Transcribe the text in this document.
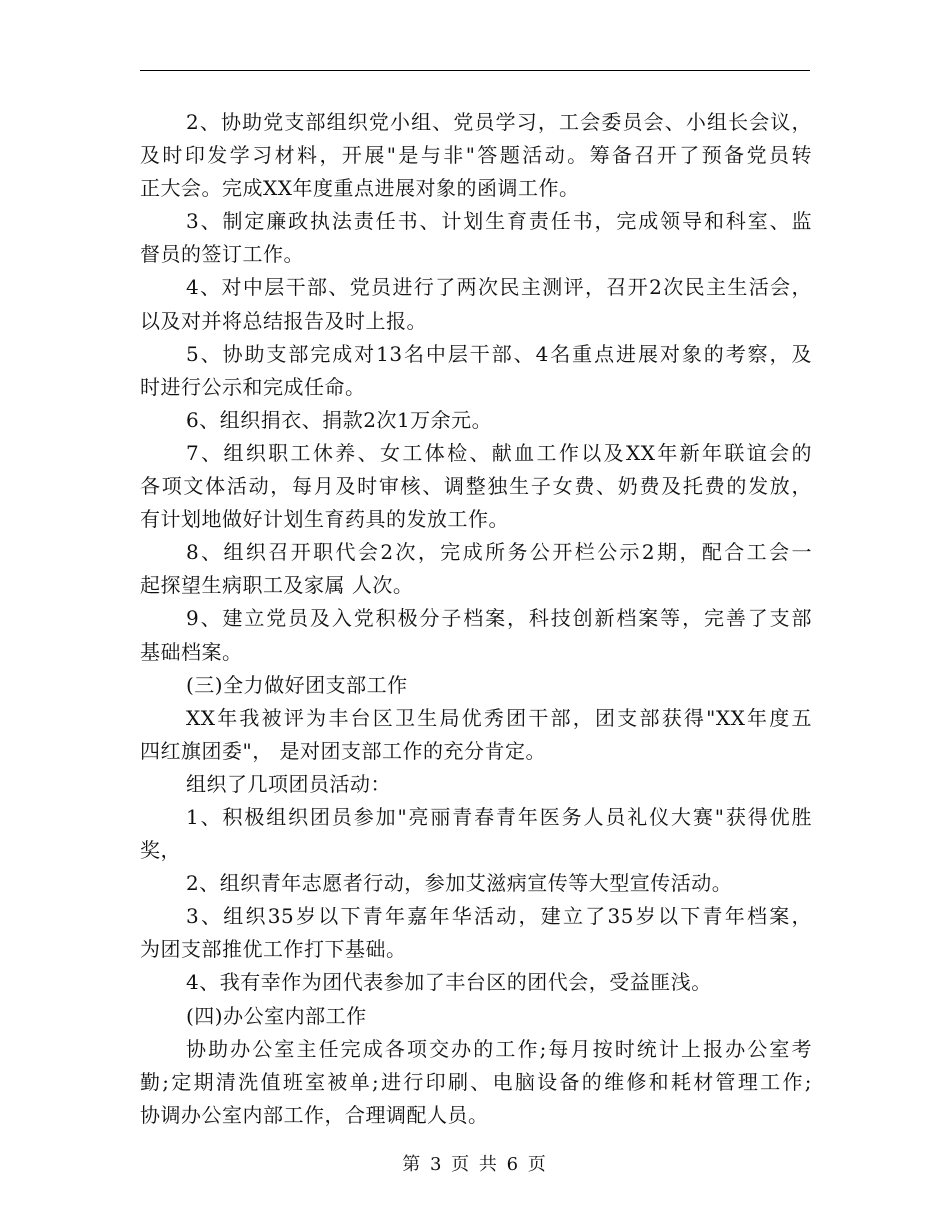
2、协助党支部组织党小组、党员学习，工会委员会、小组长会议，
及时印发学习材料，开展"是与非"答题活动。筹备召开了预备党员转
正大会。完成XX年度重点进展对象的函调工作。

3、制定廉政执法责任书、计划生育责任书，完成领导和科室、监
督员的签订工作。

4、对中层干部、党员进行了两次民主测评，召开2次民主生活会，
以及对并将总结报告及时上报。

5、协助支部完成对13名中层干部、4名重点进展对象的考察，及
时进行公示和完成任命。

6、组织捐衣、捐款2次1万余元。

7、组织职工休养、女工体检、献血工作以及XX年新年联谊会的
各项文体活动，每月及时审核、调整独生子女费、奶费及托费的发放，
有计划地做好计划生育药具的发放工作。

8、组织召开职代会2次，完成所务公开栏公示2期，配合工会一
起探望生病职工及家属 人次。

9、建立党员及入党积极分子档案，科技创新档案等，完善了支部
基础档案。

(三)全力做好团支部工作

XX年我被评为丰台区卫生局优秀团干部，团支部获得"XX年度五
四红旗团委"， 是对团支部工作的充分肯定。

组织了几项团员活动：

1、积极组织团员参加"亮丽青春青年医务人员礼仪大赛"获得优胜
奖，

2、组织青年志愿者行动，参加艾滋病宣传等大型宣传活动。

3、组织35岁以下青年嘉年华活动，建立了35岁以下青年档案，
为团支部推优工作打下基础。

4、我有幸作为团代表参加了丰台区的团代会，受益匪浅。

(四)办公室内部工作

协助办公室主任完成各项交办的工作;每月按时统计上报办公室考
勤;定期清洗值班室被单;进行印刷、电脑设备的维修和耗材管理工作;
协调办公室内部工作，合理调配人员。

第 3 页 共 6 页
